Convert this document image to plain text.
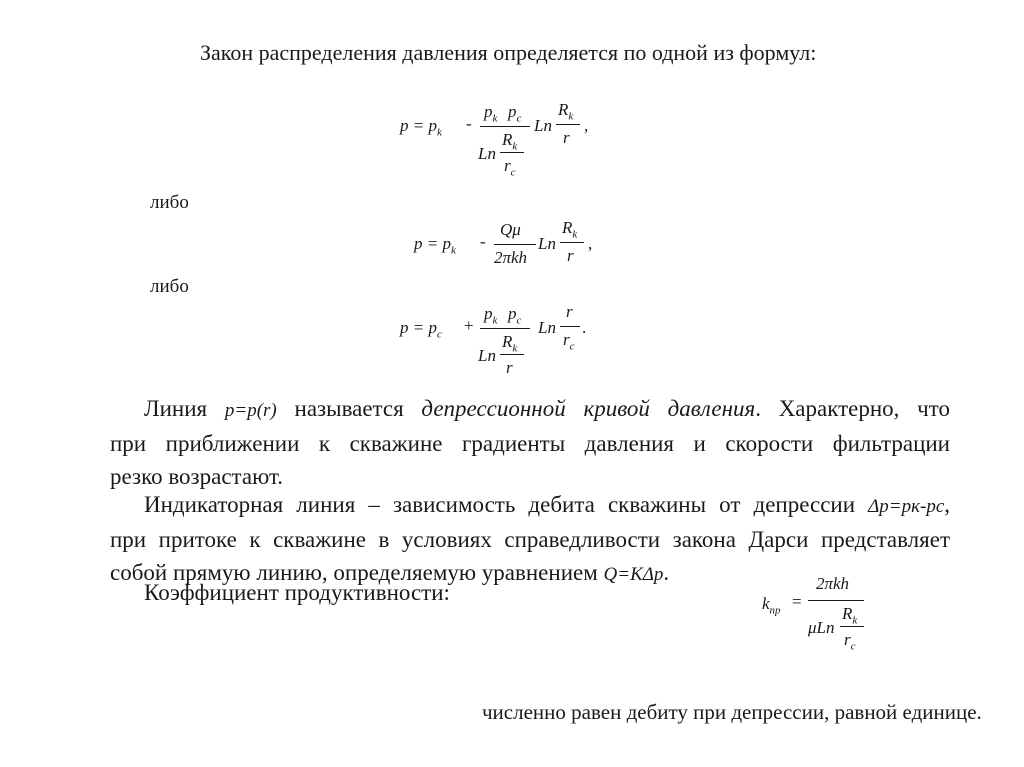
Закон распределения давления определяется по одной из формул:
$p = p_k$ -
$p_k$ $p_c$
Ln
$R_k$
$r_c$
Ln
$R_k$
r
,
либо
$p = p_k$ -
Qμ
2πkh
Ln
$R_k$
r
,
либо
$p = p_c$ +
$p_k$ $p_c$
Ln
$R_k$
r
Ln
r
$r_c$
.
Линия p=p(r) называется депрессионной кривой давления. Характерно, что
при приближении к скважине градиенты давления и скорости фильтрации
резко возрастают.
Индикаторная линия – зависимость дебита скважины от депрессии Δp=pк-pс,
при притоке к скважине в условиях справедливости закона Дарси представляет
собой прямую линию, определяемую уравнением Q=KΔp.
Коэффициент продуктивности:	$k_{пр}$ =
2πkh
μLn
$R_k$
$r_c$
численно равен дебиту при депрессии, равной единице.
